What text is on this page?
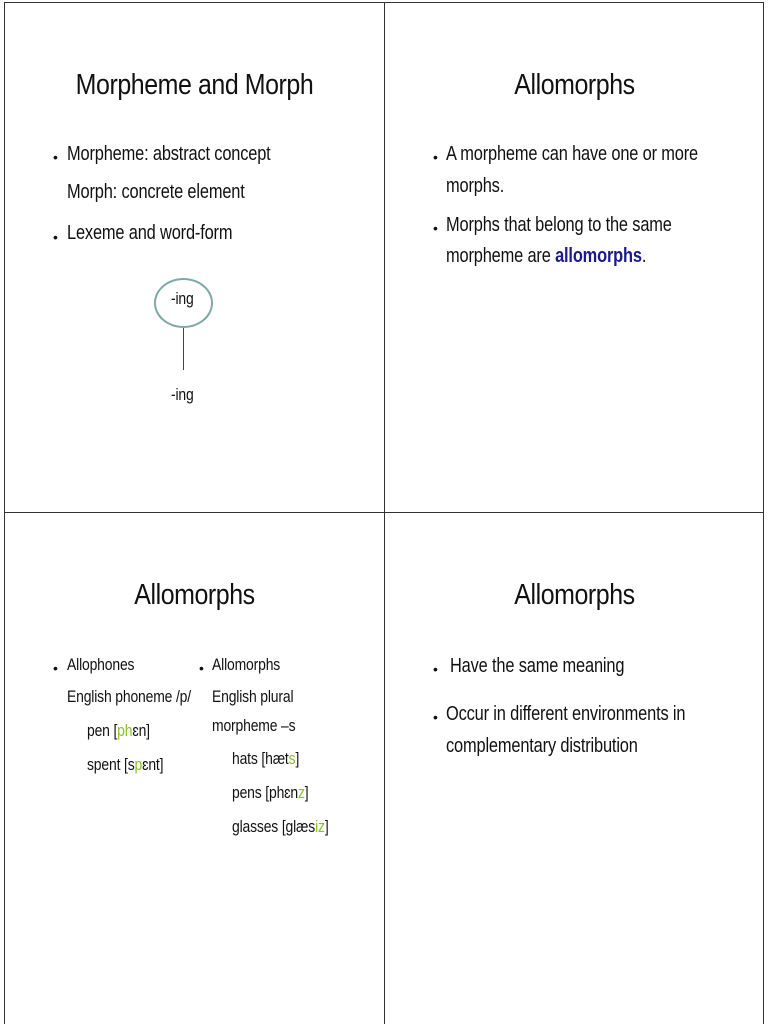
Morpheme and Morph
• Morpheme: abstract concept
Morph: concrete element
• Lexeme and word-form
-ing
-ing
Allomorphs
• A morpheme can have one or more
morphs.
• Morphs that belong to the same
morpheme are allomorphs.
Allomorphs
• Allophones
English phoneme /p/
pen [phɛn]
spent [spɛnt]
• Allomorphs
English plural
morpheme –s
hats [hæts]
pens [phɛnz]
glasses [glæsiz]
Allomorphs
• Have the same meaning
• Occur in different environments in
complementary distribution
